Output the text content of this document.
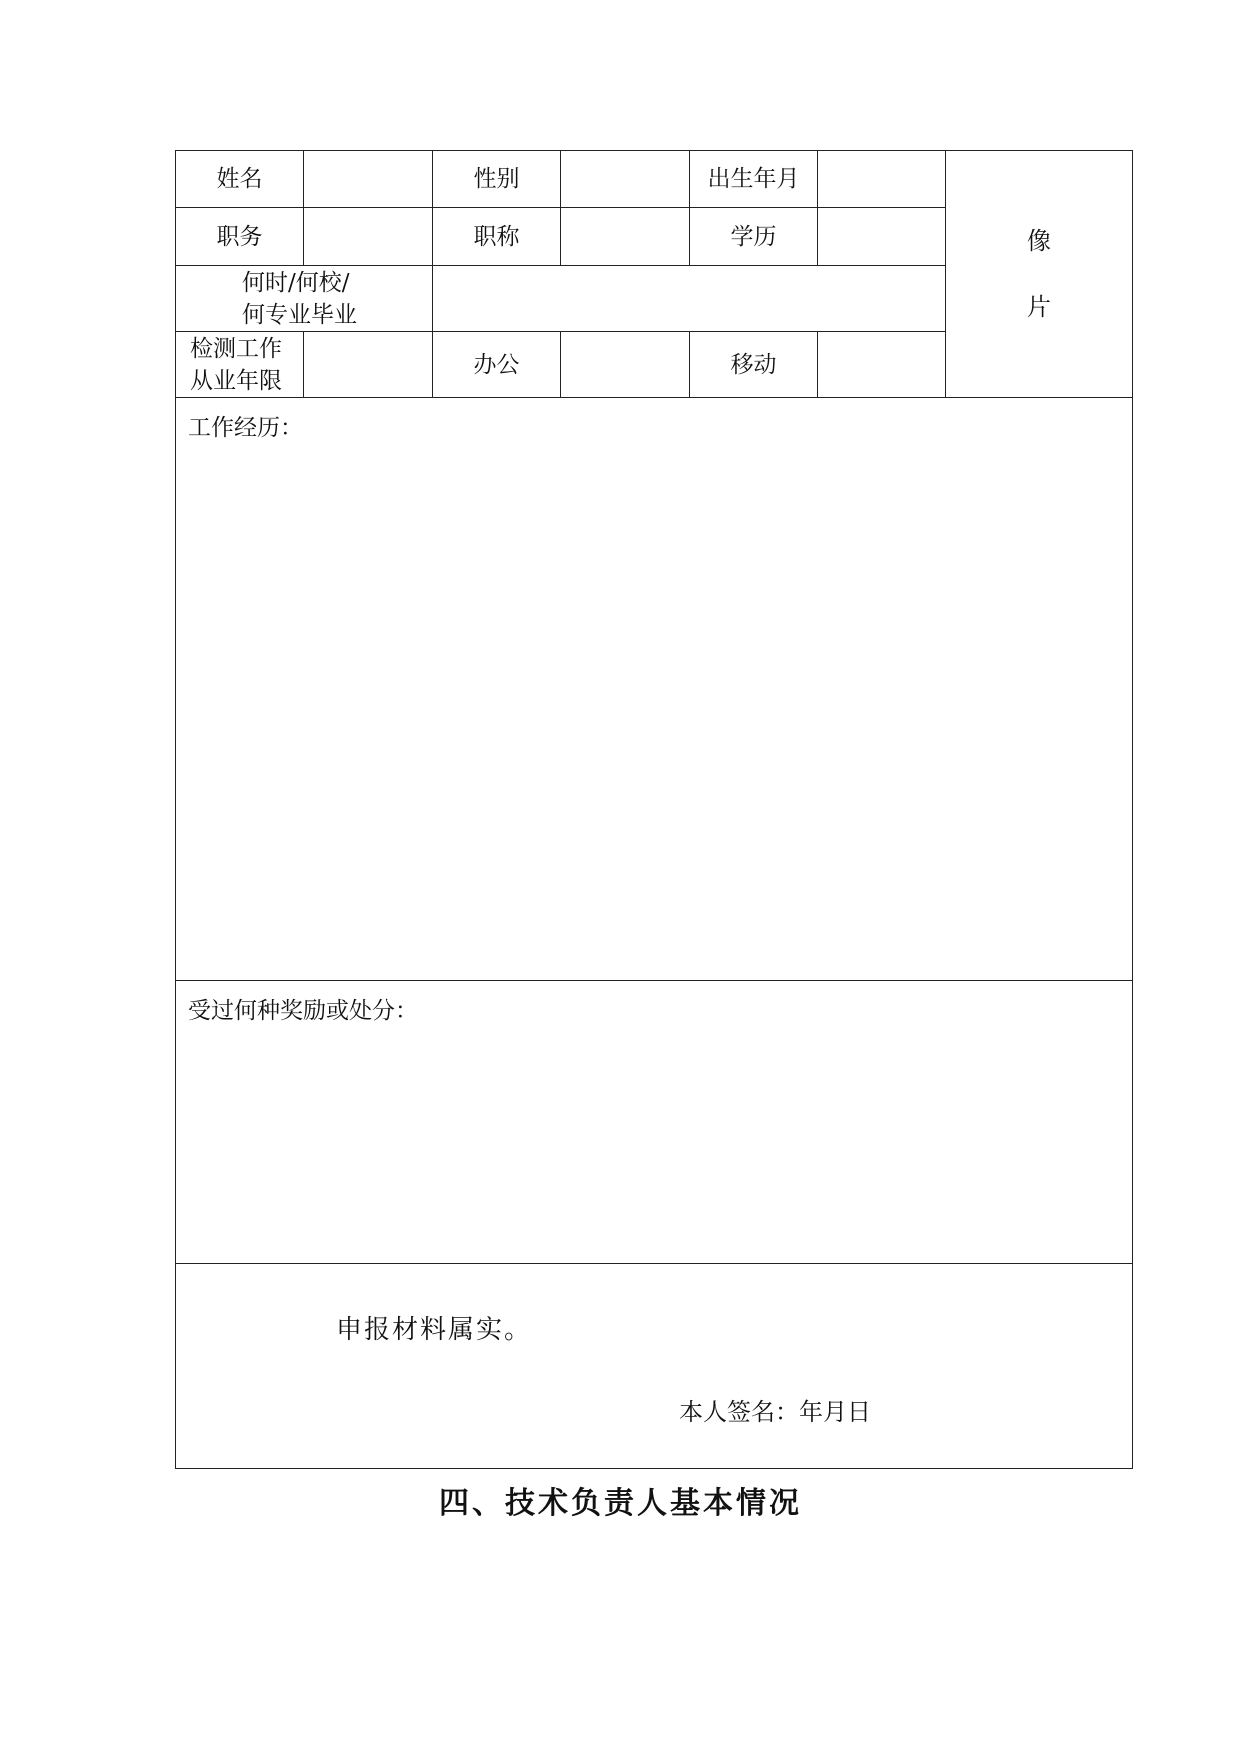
姓名		性别		出生年月		像
片

职务		职称		学历		

何时/何校/
何专业毕业						

检测工作
从业年限		办公		移动		

工作经历：						

受过何种奖励或处分：						

申报材料属实。
本人签名：年月日						
四、技术负责人基本情况
